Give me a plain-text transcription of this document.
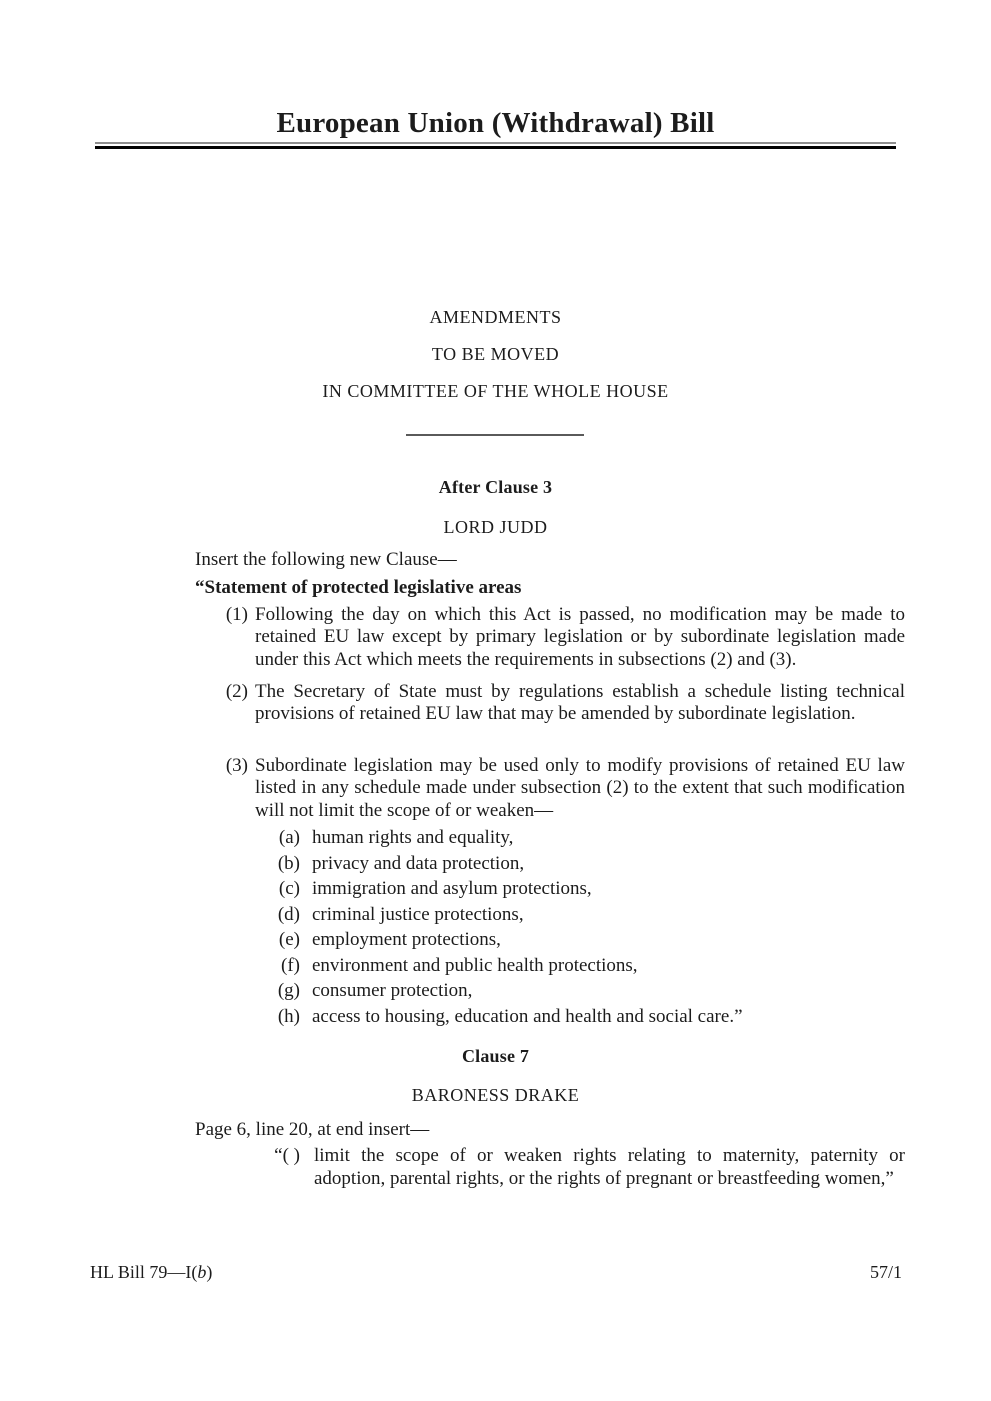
European Union (Withdrawal) Bill
AMENDMENTS
TO BE MOVED
IN COMMITTEE OF THE WHOLE HOUSE
After Clause 3
LORD JUDD
Insert the following new Clause—
“Statement of protected legislative areas
(1) Following the day on which this Act is passed, no modification may be made to retained EU law except by primary legislation or by subordinate legislation made under this Act which meets the requirements in subsections (2) and (3).
(2) The Secretary of State must by regulations establish a schedule listing technical provisions of retained EU law that may be amended by subordinate legislation.
(3) Subordinate legislation may be used only to modify provisions of retained EU law listed in any schedule made under subsection (2) to the extent that such modification will not limit the scope of or weaken—
(a) human rights and equality,
(b) privacy and data protection,
(c) immigration and asylum protections,
(d) criminal justice protections,
(e) employment protections,
(f) environment and public health protections,
(g) consumer protection,
(h) access to housing, education and health and social care.”
Clause 7
BARONESS DRAKE
Page 6, line 20, at end insert—
“( ) limit the scope of or weaken rights relating to maternity, paternity or adoption, parental rights, or the rights of pregnant or breastfeeding women,”
HL Bill 79—I(b)	57/1
